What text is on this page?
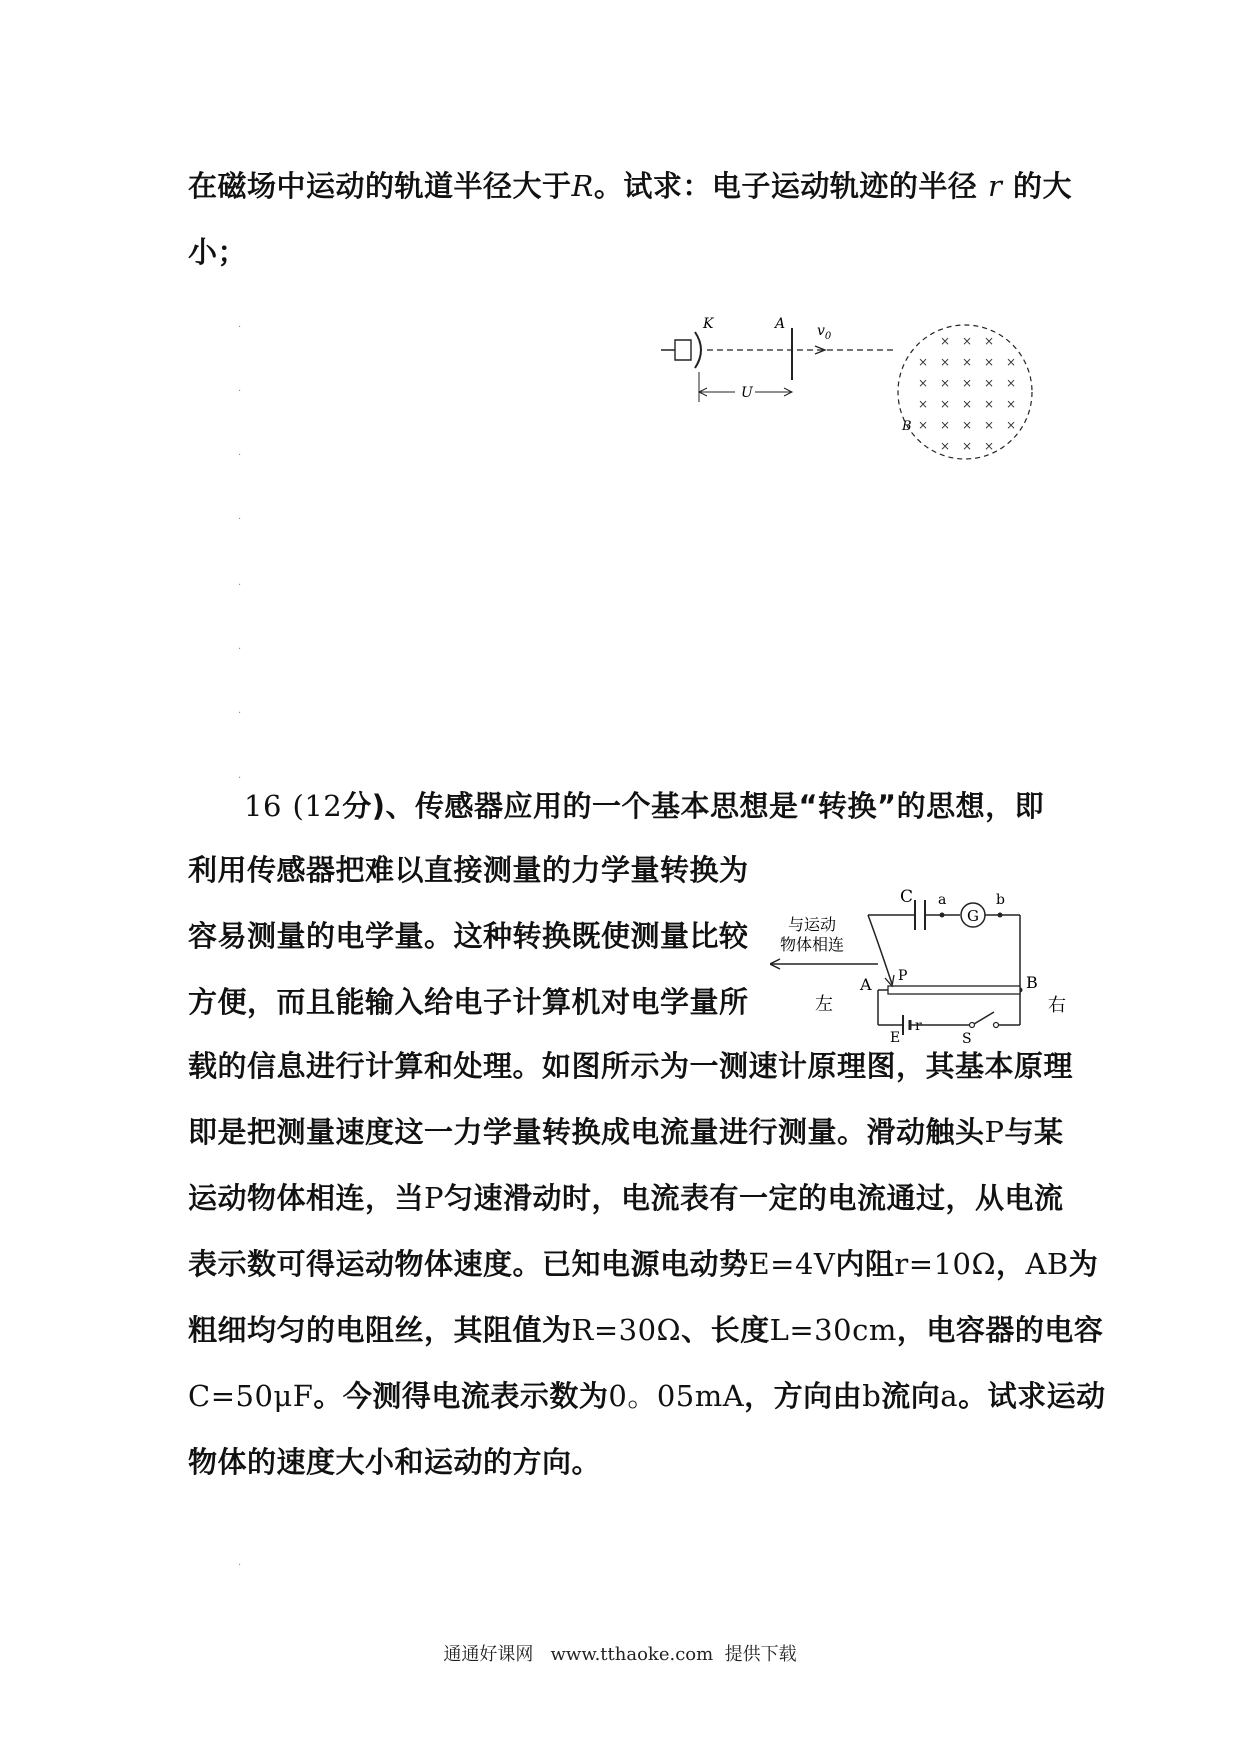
在磁场中运动的轨道半径大于R。试求：电子运动轨迹的半径 r 的大
小；
·
·
·
·
·
·
·
·
·
K	A $v_0$
U
× × ×
× × × × ×
× × × × ×
× × × × ×
× × × × ×
× × ×
B
16 (12分)、传感器应用的一个基本思想是“转换”的思想，即
利用传感器把难以直接测量的力学量转换为
容易测量的电学量。这种转换既使测量比较
方便，而且能输入给电子计算机对电学量所
载的信息进行计算和处理。如图所示为一测速计原理图，其基本原理
即是把测量速度这一力学量转换成电流量进行测量。滑动触头P与某
运动物体相连，当P匀速滑动时，电流表有一定的电流通过，从电流
表示数可得运动物体速度。已知电源电动势E=4V内阻r=10Ω，AB为
粗细均匀的电阻丝，其阻值为R=30Ω、长度L=30cm，电容器的电容
C=50μF。今测得电流表示数为0。05mA，方向由b流向a。试求运动
物体的速度大小和运动的方向。
C a
G
b
B
A P
与运动
物体相连
左	右
E
r
S
通通好课网 www.tthaoke.com 提供下载
